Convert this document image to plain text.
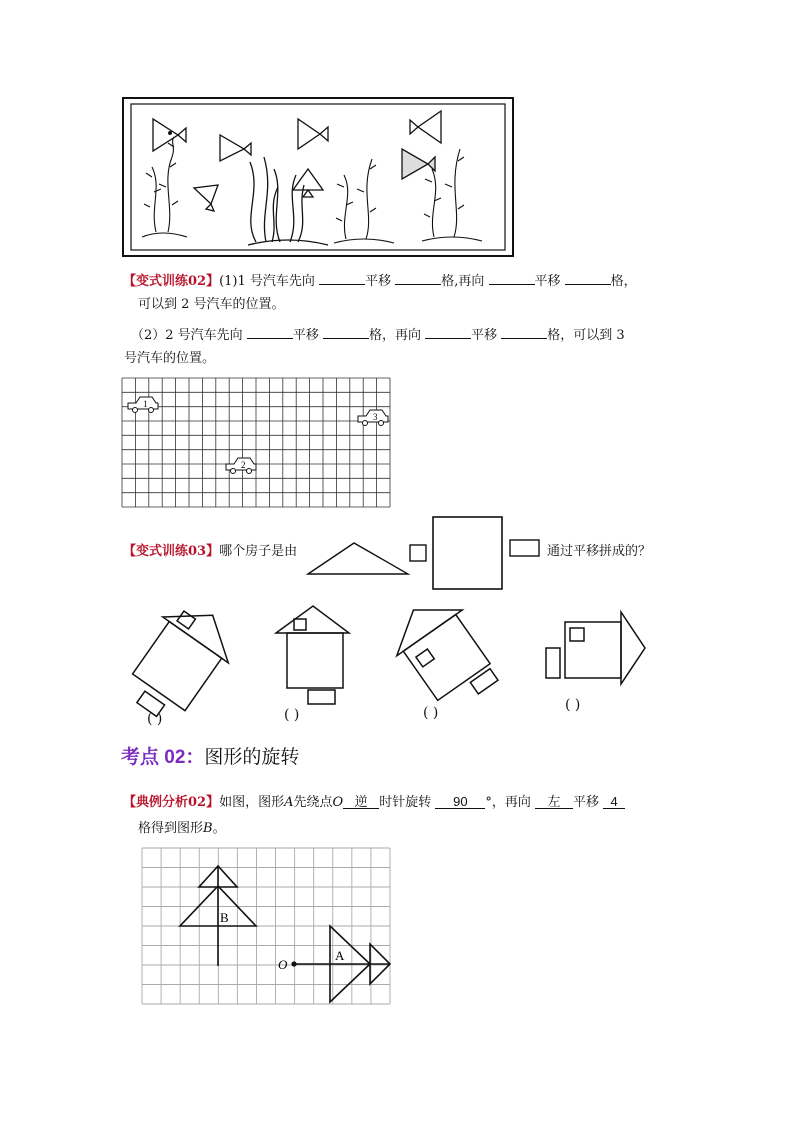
【变式训练02】(1)1 号汽车先向	平移	格,再向	平移	格，
可以到 2 号汽车的位置。
（2）2 号汽车先向	平移	格，再向	平移	格，可以到 3
号汽车的位置。
1
2
3
【变式训练03】哪个房子是由	通过平移拼成的？
( )	( )	( )	( )
考点 02：图形的旋转
【典例分析02】如图，图形A先绕点O 逆 时针旋转 90 °，再向 左 平移 4
格得到图形B。
B
A
O
